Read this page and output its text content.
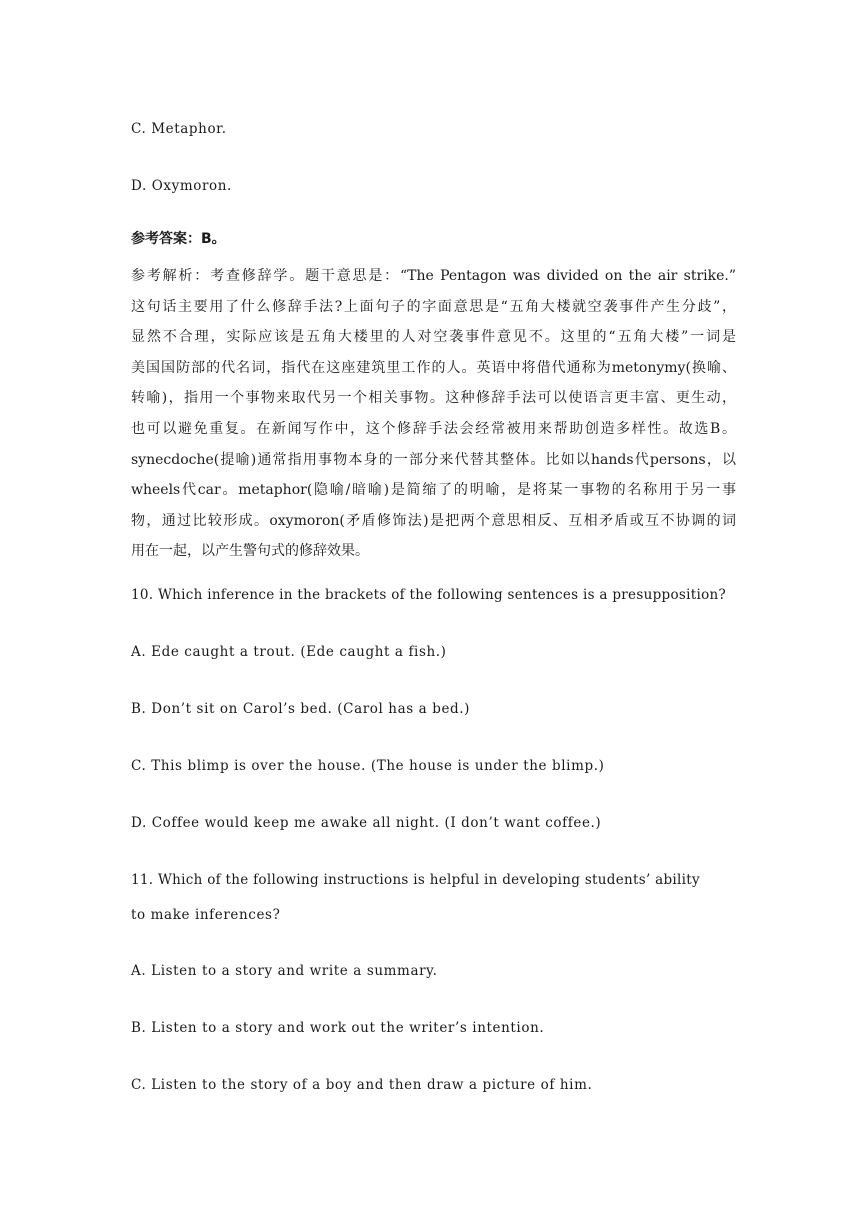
C. Metaphor.
D. Oxymoron.
参考答案：B。
参考解析：考查修辞学。题干意思是：“The Pentagon was divided on the air strike.”
这句话主要用了什么修辞手法?上面句子的字面意思是“五角大楼就空袭事件产生分歧”，
显然不合理，实际应该是五角大楼里的人对空袭事件意见不。这里的“五角大楼”一词是
美国国防部的代名词，指代在这座建筑里工作的人。英语中将借代通称为metonymy(换喻、
转喻)，指用一个事物来取代另一个相关事物。这种修辞手法可以使语言更丰富、更生动，
也可以避免重复。在新闻写作中，这个修辞手法会经常被用来帮助创造多样性。故选B。
synecdoche(提喻)通常指用事物本身的一部分来代替其整体。比如以hands代persons，以
wheels代car。metaphor(隐喻/暗喻)是简缩了的明喻，是将某一事物的名称用于另一事
物，通过比较形成。oxymoron(矛盾修饰法)是把两个意思相反、互相矛盾或互不协调的词
用在一起，以产生警句式的修辞效果。
10. Which inference in the brackets of the following sentences is a presupposition?
A. Ede caught a trout. (Ede caught a fish.)
B. Don’t sit on Carol’s bed. (Carol has a bed.)
C. This blimp is over the house. (The house is under the blimp.)
D. Coffee would keep me awake all night. (I don’t want coffee.)
11. Which of the following instructions is helpful in developing students’ ability
to make inferences?
A. Listen to a story and write a summary.
B. Listen to a story and work out the writer’s intention.
C. Listen to the story of a boy and then draw a picture of him.
